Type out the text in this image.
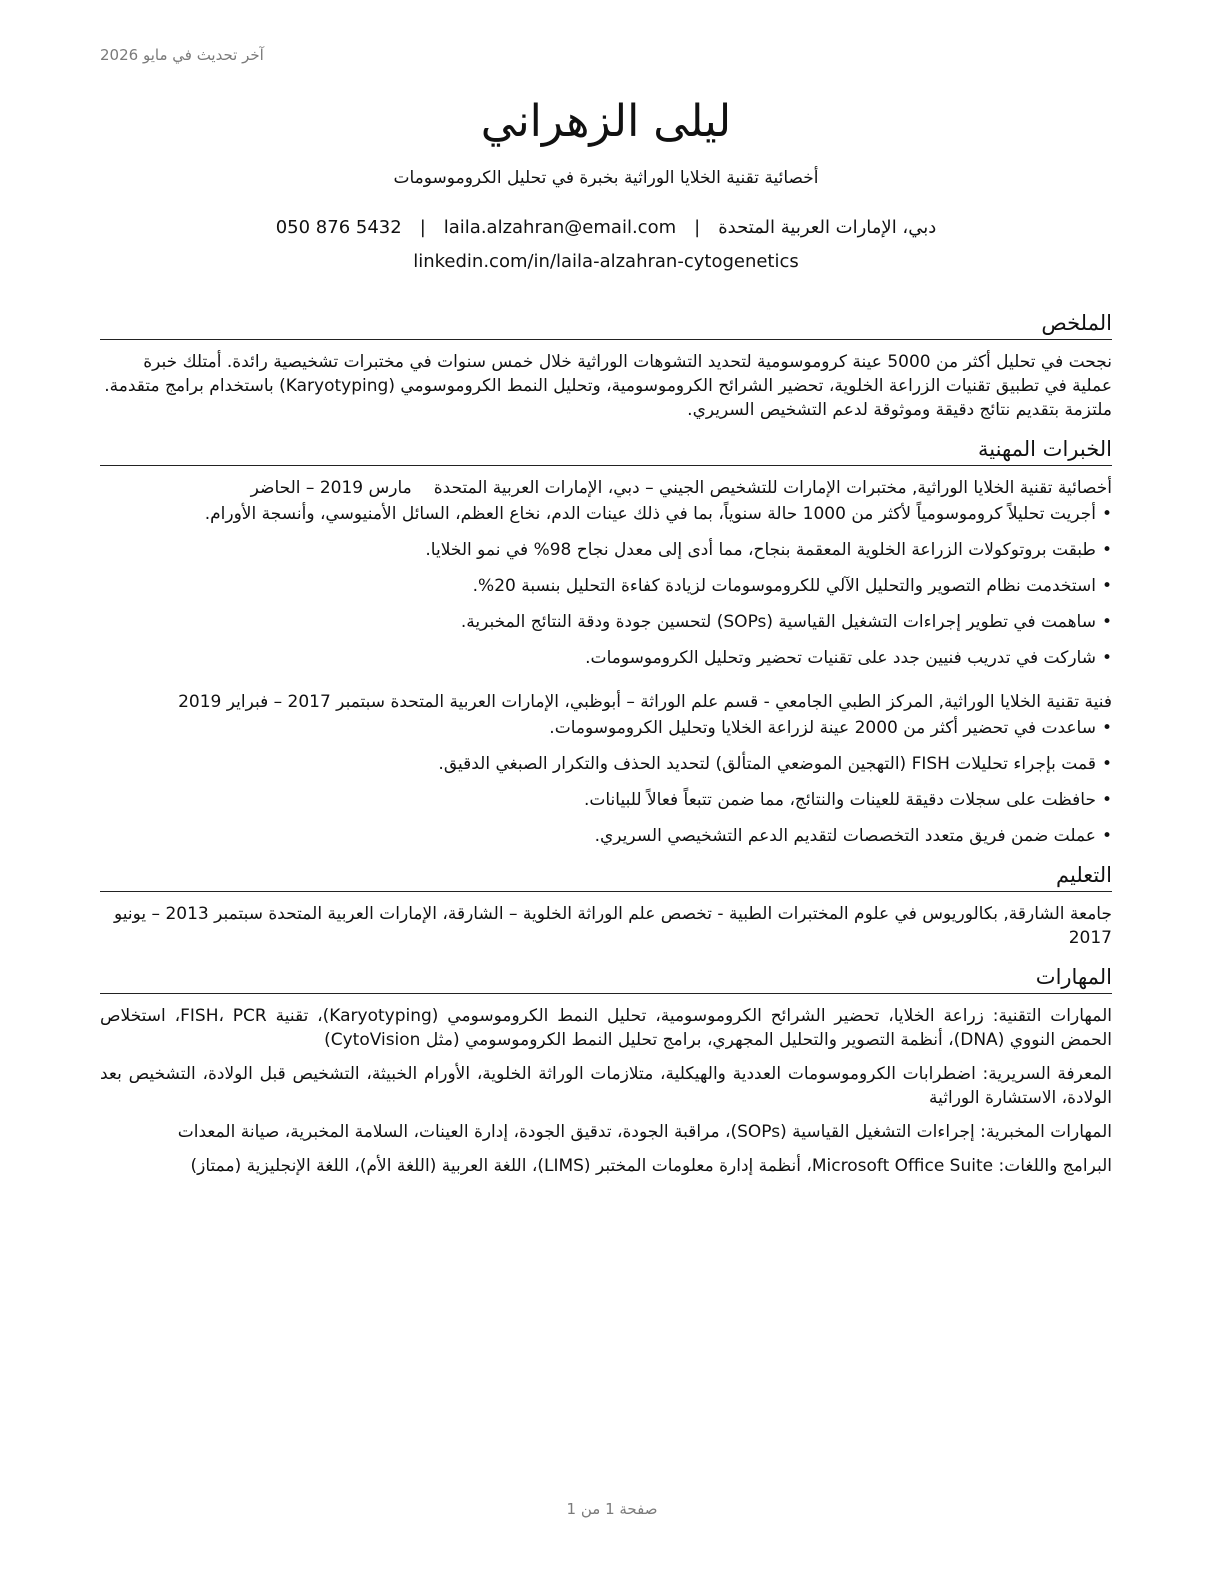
آخر تحديث في مايو 2026
ليلى الزهراني
أخصائية تقنية الخلايا الوراثية بخبرة في تحليل الكروموسومات
دبي، الإمارات العربية المتحدة|laila.alzahran@email.com|050 876 5432
linkedin.com/in/laila-alzahran-cytogenetics
الملخص

نجحت في تحليل أكثر من 5000 عينة كروموسومية لتحديد التشوهات الوراثية خلال خمس سنوات في مختبرات تشخيصية رائدة. أمتلك خبرة عملية في تطبيق تقنيات الزراعة الخلوية، تحضير الشرائح الكروموسومية، وتحليل النمط الكروموسومي (Karyotyping) باستخدام برامج متقدمة. ملتزمة بتقديم نتائج دقيقة وموثوقة لدعم التشخيص السريري.

الخبرات المهنية

أخصائية تقنية الخلايا الوراثية, مختبرات الإمارات للتشخيص الجيني – دبي، الإمارات العربية المتحدةمارس 2019 – الحاضر

•أجريت تحليلاً كروموسومياً لأكثر من 1000 حالة سنوياً، بما في ذلك عينات الدم، نخاع العظم، السائل الأمنيوسي، وأنسجة الأورام.
•طبقت بروتوكولات الزراعة الخلوية المعقمة بنجاح، مما أدى إلى معدل نجاح 98% في نمو الخلايا.
•استخدمت نظام التصوير والتحليل الآلي للكروموسومات لزيادة كفاءة التحليل بنسبة 20%.
•ساهمت في تطوير إجراءات التشغيل القياسية (SOPs) لتحسين جودة ودقة النتائج المخبرية.
•شاركت في تدريب فنيين جدد على تقنيات تحضير وتحليل الكروموسومات.

فنية تقنية الخلايا الوراثية, المركز الطبي الجامعي - قسم علم الوراثة – أبوظبي، الإمارات العربية المتحدة سبتمبر 2017 – فبراير 2019

•ساعدت في تحضير أكثر من 2000 عينة لزراعة الخلايا وتحليل الكروموسومات.
•قمت بإجراء تحليلات FISH (التهجين الموضعي المتألق) لتحديد الحذف والتكرار الصبغي الدقيق.
•حافظت على سجلات دقيقة للعينات والنتائج، مما ضمن تتبعاً فعالاً للبيانات.
•عملت ضمن فريق متعدد التخصصات لتقديم الدعم التشخيصي السريري.
التعليم

جامعة الشارقة, بكالوريوس في علوم المختبرات الطبية - تخصص علم الوراثة الخلوية – الشارقة، الإمارات العربية المتحدة سبتمبر 2013 – يونيو 2017

المهارات

المهارات التقنية: زراعة الخلايا، تحضير الشرائح الكروموسومية، تحليل النمط الكروموسومي (Karyotyping)، تقنية FISH، PCR، استخلاص الحمض النووي (DNA)، أنظمة التصوير والتحليل المجهري، برامج تحليل النمط الكروموسومي (مثل CytoVision)

المعرفة السريرية: اضطرابات الكروموسومات العددية والهيكلية، متلازمات الوراثة الخلوية، الأورام الخبيثة، التشخيص قبل الولادة، التشخيص بعد الولادة، الاستشارة الوراثية

المهارات المخبرية: إجراءات التشغيل القياسية (SOPs)، مراقبة الجودة، تدقيق الجودة، إدارة العينات، السلامة المخبرية، صيانة المعدات

البرامج واللغات: Microsoft Office Suite، أنظمة إدارة معلومات المختبر (LIMS)، اللغة العربية (اللغة الأم)، اللغة الإنجليزية (ممتاز)

صفحة 1 من 1
